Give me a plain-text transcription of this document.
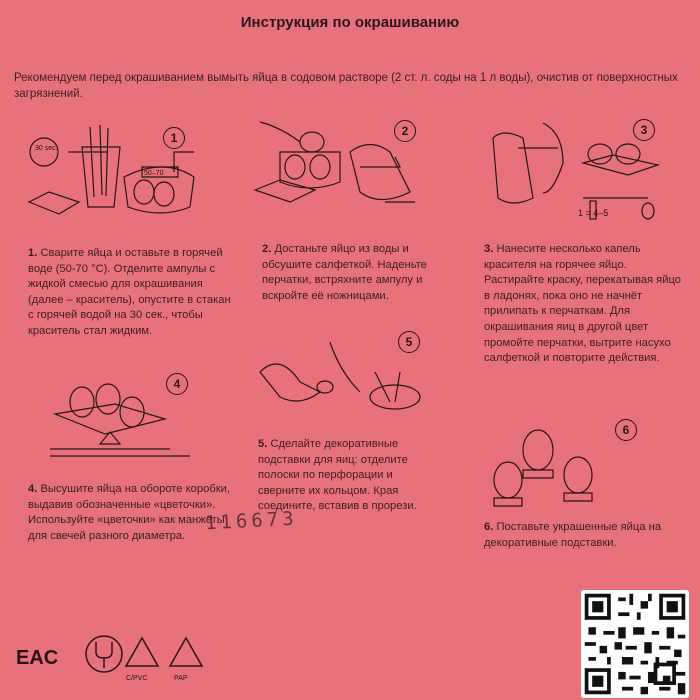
Инструкция по окрашиванию
Рекомендуем перед окрашиванием вымыть яйца в содовом растворе (2 ст. л. соды на 1 л воды), очистив от поверхностных загрязнений.
30 sec.
50–70
1
1. Сварите яйца и оставьте в горячей воде (50-70 °С). Отделите ампулы с жидкой смесью для окрашивания (далее – краситель), опустите в стакан с горячей водой на 30 сек., чтобы краситель стал жидким.
2
2. Достаньте яйцо из воды и обсушите салфеткой. Наденьте перчатки, встряхните ампулу и вскройте её ножницами.
1 = 4–5
3
3. Нанесите несколько капель красителя на горячее яйцо. Растирайте краску, перекатывая яйцо в ладонях, пока оно не начнёт прилипать к перчаткам. Для окрашивания яиц в другой цвет промойте перчатки, вытрите насухо салфеткой и повторите действия.
4
4. Высушите яйца на обороте коробки, выдавив обозначенные «цветочки». Используйте «цветочки» как манжеты для свечей разного диаметра.
5
5. Сделайте декоративные подставки для яиц: отделите полоски по перфорации и сверните их кольцом. Края соедините, вставив в прорези.
116673
6
6. Поставьте украшенные яйца на декоративные подставки.
EAC
C/PVC	PAP
